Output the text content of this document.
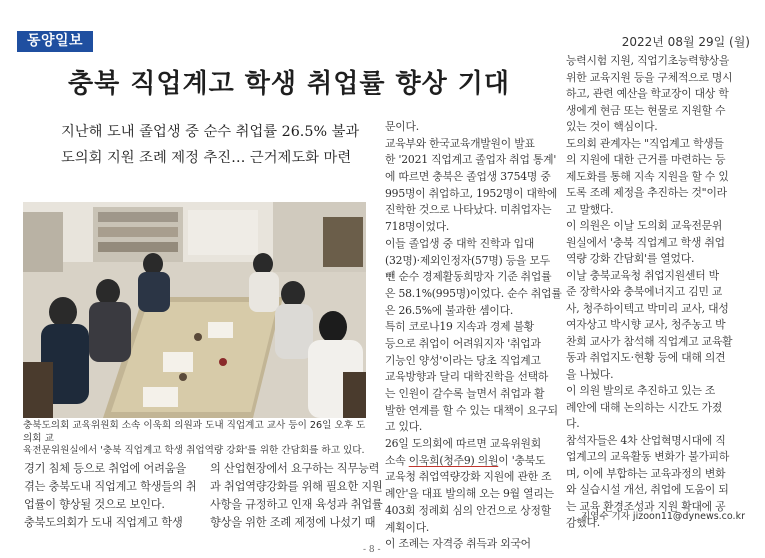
동양일보	2022년 08월 29일 (월)
충북 직업계고 학생 취업률 향상 기대
지난해 도내 졸업생 중 순수 취업률 26.5% 불과
도의회 지원 조례 제정 추진… 근거제도화 마련
충북도의회 교육위원회 소속 이욱희 의원과 도내 직업계고 교사 등이 26일 오후 도의회 교
육전문위원실에서 '충북 직업계고 학생 취업역량 강화'를 위한 간담회를 하고 있다.
경기 침체 등으로 취업에 어려움을
겪는 충북도내 직업계고 학생들의 취
업률이 향상될 것으로 보인다.
충북도의회가 도내 직업계고 학생
의 산업현장에서 요구하는 직무능력
과 취업역량강화를 위해 필요한 지원
사항을 규정하고 인재 육성과 취업률
향상을 위한 조례 제정에 나섰기 때
문이다.
교육부와 한국교육개발원이 발표
한 '2021 직업계고 졸업자 취업 통계'
에 따르면 충북은 졸업생 3754명 중
995명이 취업하고, 1952명이 대학에
진학한 것으로 나타났다. 미취업자는
718명이었다.
이들 졸업생 중 대학 진학과 입대
(32명)·제외인정자(57명) 등을 모두
뺀 순수 경제활동희망자 기준 취업률
은 58.1%(995명)이었다. 순수 취업률
은 26.5%에 불과한 셈이다.
특히 코로나19 지속과 경제 불황
등으로 취업이 어려워지자 '취업과
기능인 양성'이라는 당초 직업계고
교육방향과 달리 대학진학을 선택하
는 인원이 갈수록 늘면서 취업과 활
발한 연계를 할 수 있는 대책이 요구되
고 있다.
26일 도의회에 따르면 교육위원회
소속 이욱희(청주9) 의원이 '충북도
교육청 취업역량강화 지원에 관한 조
례안'을 대표 발의해 오는 9월 열리는
403회 정례회 심의 안건으로 상정할
계획이다.
이 조례는 자격증 취득과 외국어
능력시험 지원, 직업기초능력향상을
위한 교육지원 등을 구체적으로 명시
하고, 관련 예산을 학교장이 대상 학
생에게 현금 또는 현물로 지원할 수
있는 것이 핵심이다.
도의회 관계자는 "직업계고 학생들
의 지원에 대한 근거를 마련하는 등
제도화를 통해 지속 지원을 할 수 있
도록 조례 제정을 추진하는 것"이라
고 말했다.
이 의원은 이날 도의회 교육전문위
원실에서 '충북 직업계고 학생 취업
역량 강화 간담회'를 열었다.
이날 충북교육청 취업지원센터 박
준 장학사와 충북에너지고 김민 교
사, 청주하이텍고 박미리 교사, 대성
여자상고 박시향 교사, 청주농고 박
찬희 교사가 참석해 직업계고 교육활
동과 취업지도·현황 등에 대해 의견
을 나눴다.
이 의원 발의로 추진하고 있는 조
례안에 대해 논의하는 시간도 가졌
다.
참석자들은 4차 산업혁명시대에 직
업계고의 교육활동 변화가 불가피하
며, 이에 부합하는 교육과정의 변화
와 실습시설 개선, 취업에 도움이 되
는 교육 환경조성과 지원 확대에 공
감했다.
지영수 기자 jizoon11@dynews.co.kr
- 8 -
